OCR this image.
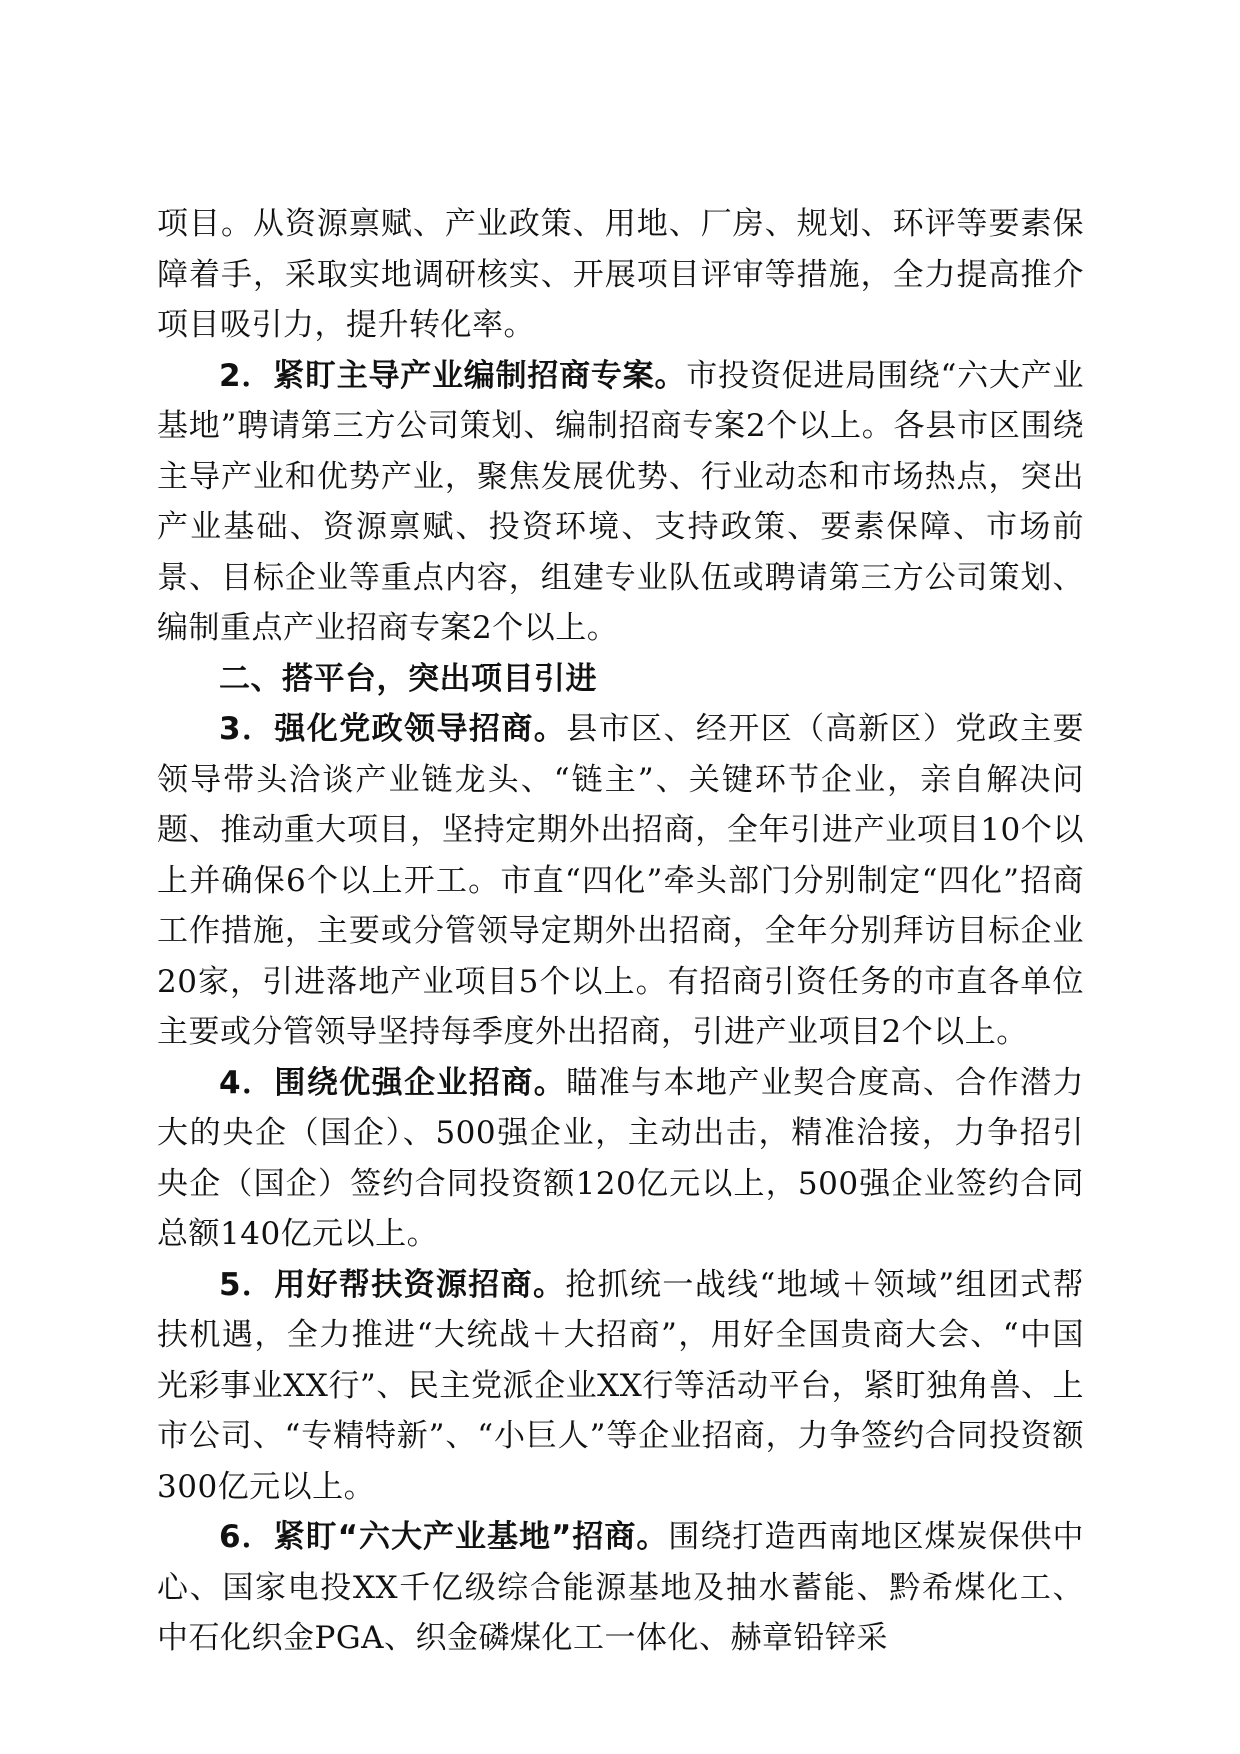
项目。从资源禀赋、产业政策、用地、厂房、规划、环评等要素保障着手，采取实地调研核实、开展项目评审等措施，全力提高推介项目吸引力，提升转化率。

2．紧盯主导产业编制招商专案。市投资促进局围绕“六大产业基地”聘请第三方公司策划、编制招商专案2个以上。各县市区围绕主导产业和优势产业，聚焦发展优势、行业动态和市场热点，突出产业基础、资源禀赋、投资环境、支持政策、要素保障、市场前景、目标企业等重点内容，组建专业队伍或聘请第三方公司策划、编制重点产业招商专案2个以上。

二、搭平台，突出项目引进

3．强化党政领导招商。县市区、经开区（高新区）党政主要领导带头洽谈产业链龙头、“链主”、关键环节企业，亲自解决问题、推动重大项目，坚持定期外出招商，全年引进产业项目10个以上并确保6个以上开工。市直“四化”牵头部门分别制定“四化”招商工作措施，主要或分管领导定期外出招商，全年分别拜访目标企业20家，引进落地产业项目5个以上。有招商引资任务的市直各单位主要或分管领导坚持每季度外出招商，引进产业项目2个以上。

4．围绕优强企业招商。瞄准与本地产业契合度高、合作潜力大的央企（国企）、500强企业，主动出击，精准洽接，力争招引央企（国企）签约合同投资额120亿元以上，500强企业签约合同总额140亿元以上。

5．用好帮扶资源招商。抢抓统一战线“地域＋领域”组团式帮扶机遇，全力推进“大统战＋大招商”，用好全国贵商大会、“中国光彩事业XX行”、民主党派企业XX行等活动平台，紧盯独角兽、上市公司、“专精特新”、“小巨人”等企业招商，力争签约合同投资额300亿元以上。

6．紧盯“六大产业基地”招商。围绕打造西南地区煤炭保供中心、国家电投XX千亿级综合能源基地及抽水蓄能、黔希煤化工、中石化织金PGA、织金磷煤化工一体化、赫章铅锌采
